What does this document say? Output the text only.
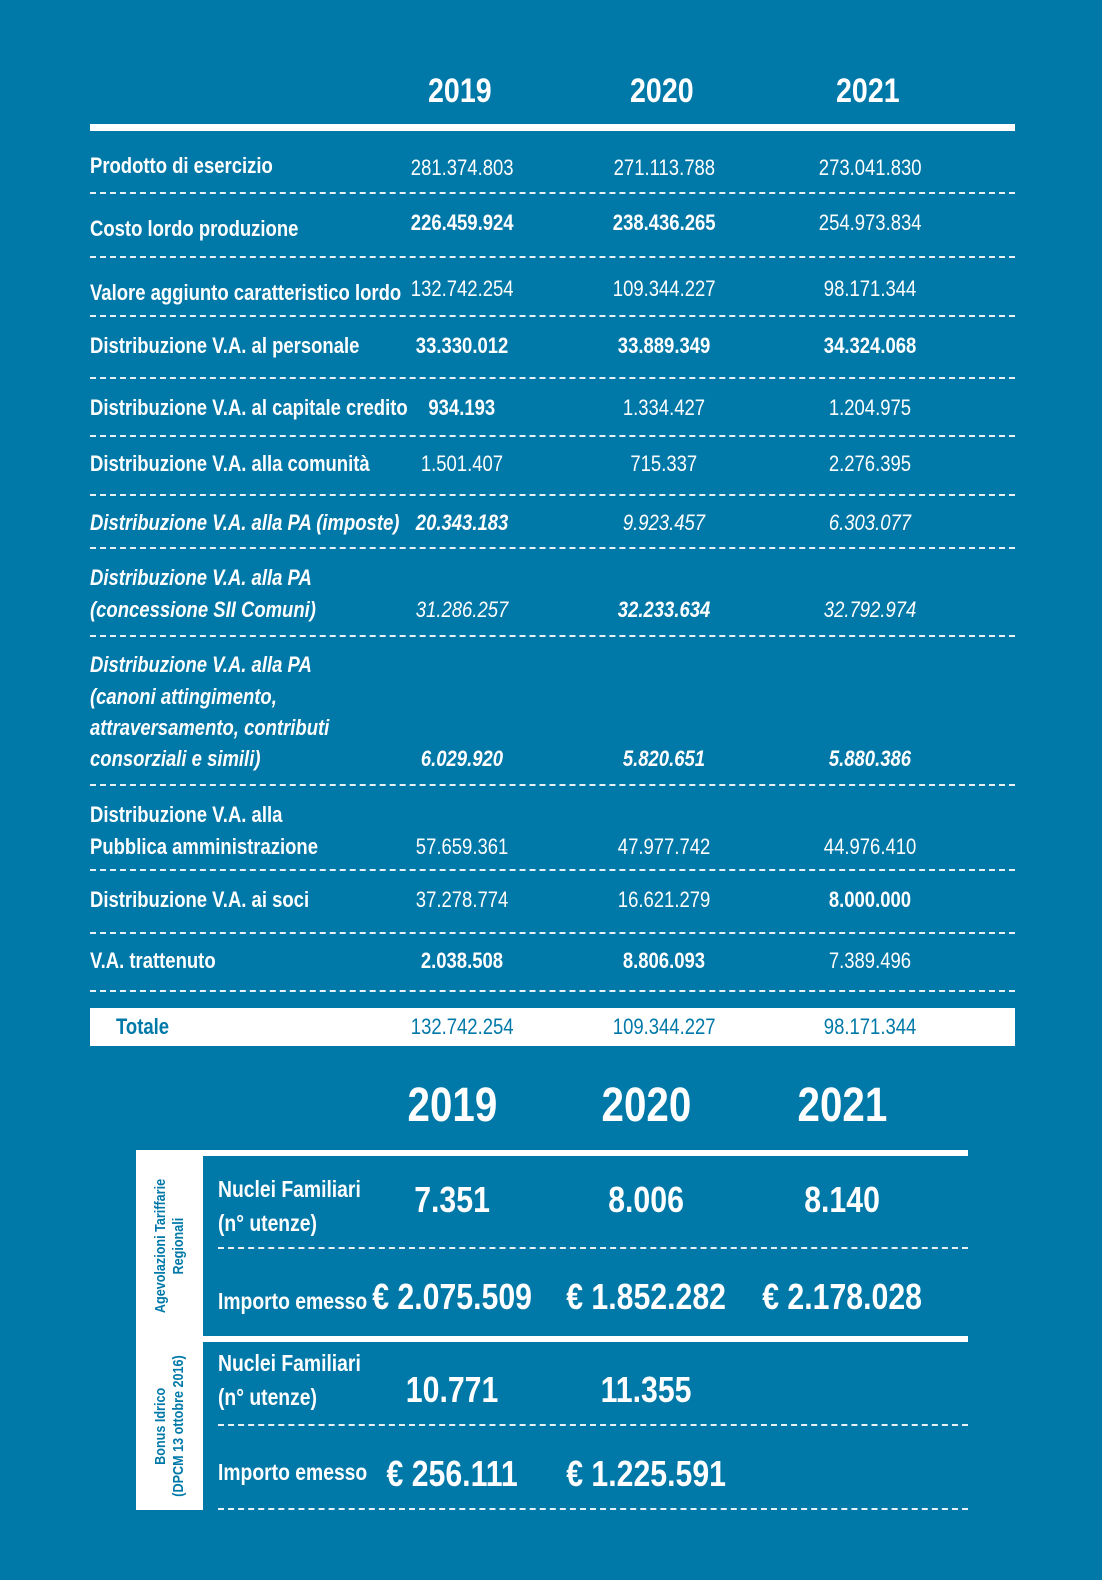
2019	2020	2021
Prodotto di esercizio	281.374.803	271.113.788	273.041.830
Costo lordo produzione	226.459.924	238.436.265	254.973.834
Valore aggiunto caratteristico lordo 132.742.254	109.344.227	98.171.344
Distribuzione V.A. al personale	33.330.012	33.889.349	34.324.068
Distribuzione V.A. al capitale credito 934.193	1.334.427	1.204.975
Distribuzione V.A. alla comunità	1.501.407	715.337	2.276.395
Distribuzione V.A. alla PA (imposte) 20.343.183	9.923.457	6.303.077
Distribuzione V.A. alla PA
(concessione SII Comuni)	31.286.257	32.233.634	32.792.974
Distribuzione V.A. alla PA
(canoni attingimento,
attraversamento, contributi
consorziali e simili)	6.029.920	5.820.651	5.880.386
Distribuzione V.A. alla
Pubblica amministrazione	57.659.361	47.977.742	44.976.410
Distribuzione V.A. ai soci	37.278.774	16.621.279	8.000.000
V.A. trattenuto	2.038.508	8.806.093	7.389.496
Totale	132.742.254	109.344.227	98.171.344
2019	2020	2021
Agevolazioni Tariffarie
Regionali
Nuclei Familiari
(n° utenze)
7.351	8.006	8.140
Importo emesso € 2.075.509 € 1.852.282	€ 2.178.028
Bonus Idrico
(DPCM 13 ottobre 2016) Nuclei Familiari
(n° utenze)	10.771	11.355
Importo emesso € 256.111	€ 1.225.591
